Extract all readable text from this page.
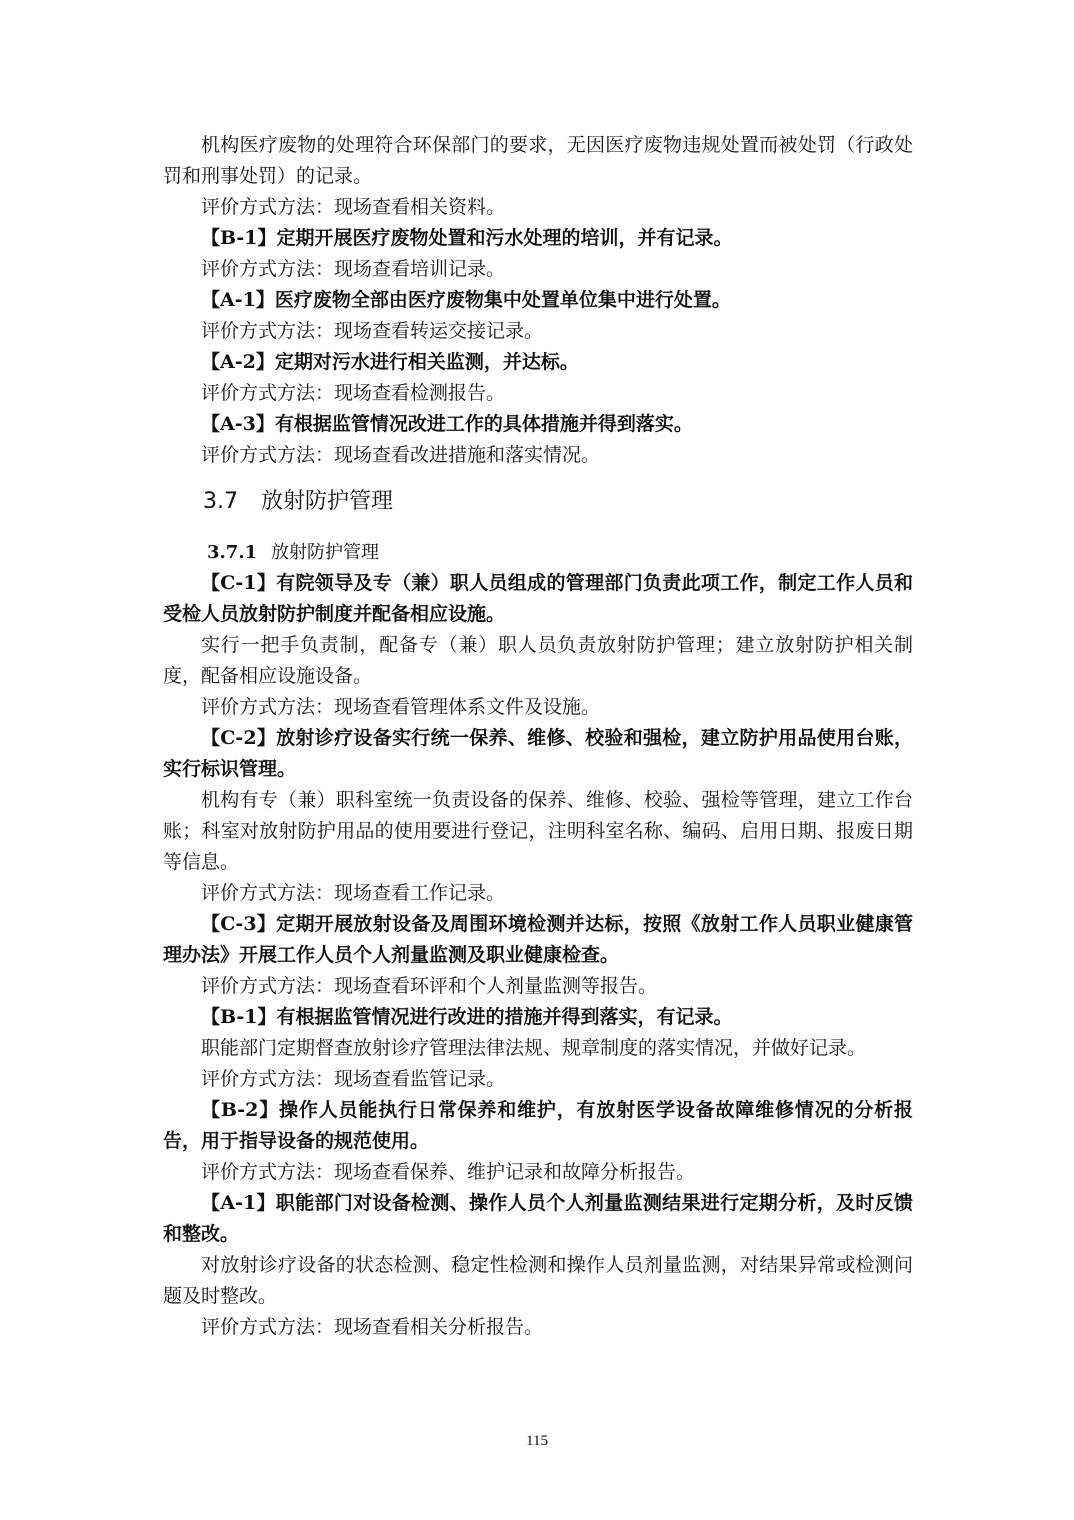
机构医疗废物的处理符合环保部门的要求，无因医疗废物违规处置而被处罚（行政处罚和刑事处罚）的记录。

评价方式方法：现场查看相关资料。

【B-1】定期开展医疗废物处置和污水处理的培训，并有记录。

评价方式方法：现场查看培训记录。

【A-1】医疗废物全部由医疗废物集中处置单位集中进行处置。

评价方式方法：现场查看转运交接记录。

【A-2】定期对污水进行相关监测，并达标。

评价方式方法：现场查看检测报告。

【A-3】有根据监管情况改进工作的具体措施并得到落实。

评价方式方法：现场查看改进措施和落实情况。

3.7 放射防护管理
3.7.1 放射防护管理

【C-1】有院领导及专（兼）职人员组成的管理部门负责此项工作，制定工作人员和受检人员放射防护制度并配备相应设施。

实行一把手负责制，配备专（兼）职人员负责放射防护管理；建立放射防护相关制度，配备相应设施设备。

评价方式方法：现场查看管理体系文件及设施。

【C-2】放射诊疗设备实行统一保养、维修、校验和强检，建立防护用品使用台账，实行标识管理。

机构有专（兼）职科室统一负责设备的保养、维修、校验、强检等管理，建立工作台账；科室对放射防护用品的使用要进行登记，注明科室名称、编码、启用日期、报废日期等信息。

评价方式方法：现场查看工作记录。

【C-3】定期开展放射设备及周围环境检测并达标，按照《放射工作人员职业健康管理办法》开展工作人员个人剂量监测及职业健康检查。

评价方式方法：现场查看环评和个人剂量监测等报告。

【B-1】有根据监管情况进行改进的措施并得到落实，有记录。

职能部门定期督查放射诊疗管理法律法规、规章制度的落实情况，并做好记录。

评价方式方法：现场查看监管记录。

【B-2】操作人员能执行日常保养和维护，有放射医学设备故障维修情况的分析报告，用于指导设备的规范使用。

评价方式方法：现场查看保养、维护记录和故障分析报告。

【A-1】职能部门对设备检测、操作人员个人剂量监测结果进行定期分析，及时反馈和整改。

对放射诊疗设备的状态检测、稳定性检测和操作人员剂量监测，对结果异常或检测问题及时整改。

评价方式方法：现场查看相关分析报告。

115
